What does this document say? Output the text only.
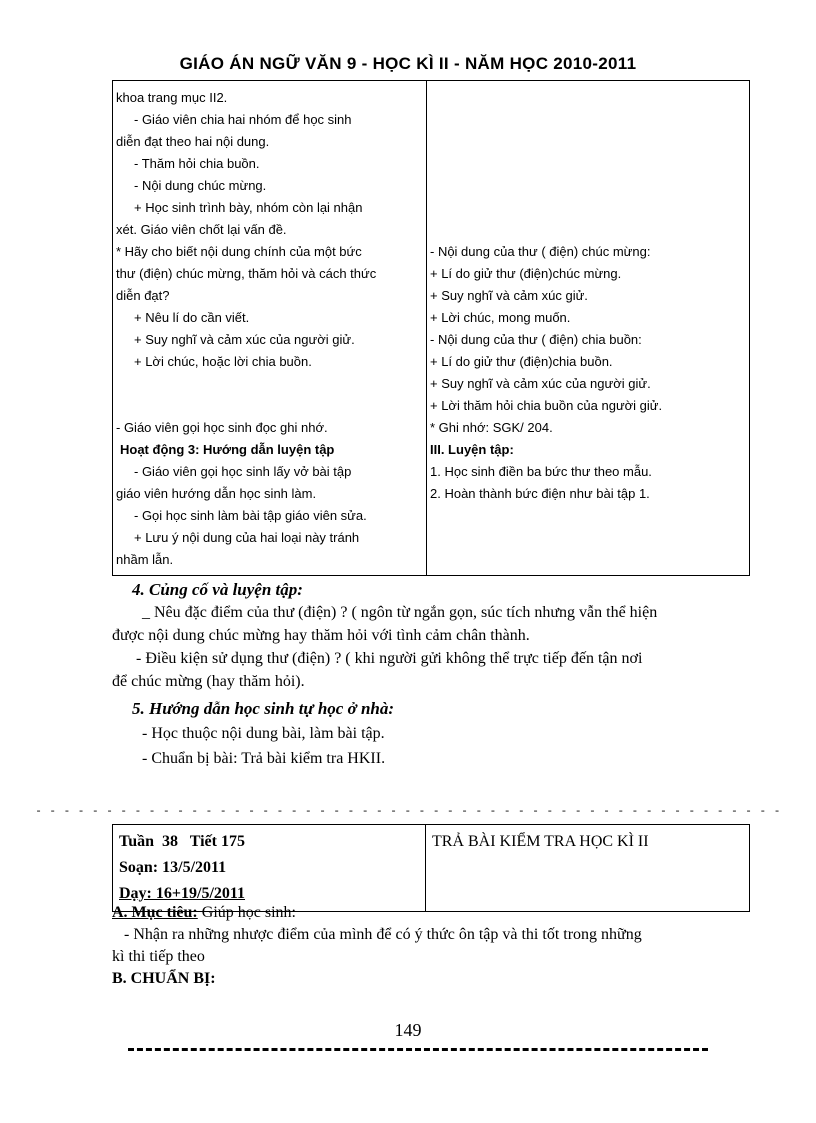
GIÁO ÁN NGỮ VĂN 9 - HỌC KÌ II - NĂM HỌC 2010-2011
khoa trang mục II2.
- Giáo viên chia hai nhóm để học sinh
diễn đạt theo hai nội dung.
- Thăm hỏi chia buồn.
- Nội dung chúc mừng.
+ Học sinh trình bày, nhóm còn lại nhận
xét. Giáo viên chốt lại vấn đề.
* Hãy cho biết nội dung chính của một bức
thư (điện) chúc mừng, thăm hỏi và cách thức
diễn đạt?
+ Nêu lí do cần viết.
+ Suy nghĩ và cảm xúc của người giử.
+ Lời chúc, hoặc lời chia buồn.
- Giáo viên gọi học sinh đọc ghi nhớ.
Hoạt động 3: Hướng dẫn luyện tập
- Giáo viên gọi học sinh lấy vở bài tập
giáo viên hướng dẫn học sinh làm.
- Gọi học sinh làm bài tập giáo viên sửa.
+ Lưu ý nội dung của hai loại này tránh
nhầm lẫn.

- Nội dung của thư ( điện) chúc mừng:
+ Lí do giử thư (điện)chúc mừng.
+ Suy nghĩ và cảm xúc giử.
+ Lời chúc, mong muốn.
- Nội dung của thư ( điện) chia buồn:
+ Lí do giử thư (điện)chia buồn.
+ Suy nghĩ và cảm xúc của người giử.
+ Lời thăm hỏi chia buồn của người giử.
* Ghi nhớ: SGK/ 204.
III. Luyện tập:
1. Học sinh điền ba bức thư theo mẫu.
2. Hoàn thành bức điện như bài tập 1.
4. Củng cố và luyện tập:
_ Nêu đặc điểm của thư (điện) ? ( ngôn từ ngắn gọn, súc tích nhưng vẫn thể hiện
được nội dung chúc mừng hay thăm hỏi với tình cảm chân thành.
- Điều kiện sử dụng thư (điện) ? ( khi người gửi không thể trực tiếp đến tận nơi
để chúc mừng (hay thăm hỏi).
5. Hướng dẫn học sinh tự học ở nhà:
- Học thuộc nội dung bài, làm bài tập.
- Chuẩn bị bài: Trả bài kiểm tra HKII.
- - - - - - - - - - - - - - - - - - - - - - - - - - - - - - - - - - - - - - - - - - - - - - - - - - - - -
Tuần  38   Tiết 175
Soạn: 13/5/2011
Dạy: 16+19/5/2011

TRẢ BÀI KIỂM TRA HỌC KÌ II
A. Mục tiêu: Giúp học sinh:
- Nhận ra những nhược điểm của mình để có ý thức ôn tập và thi tốt trong những
kì thi tiếp theo
B. CHUẨN BỊ:
149
